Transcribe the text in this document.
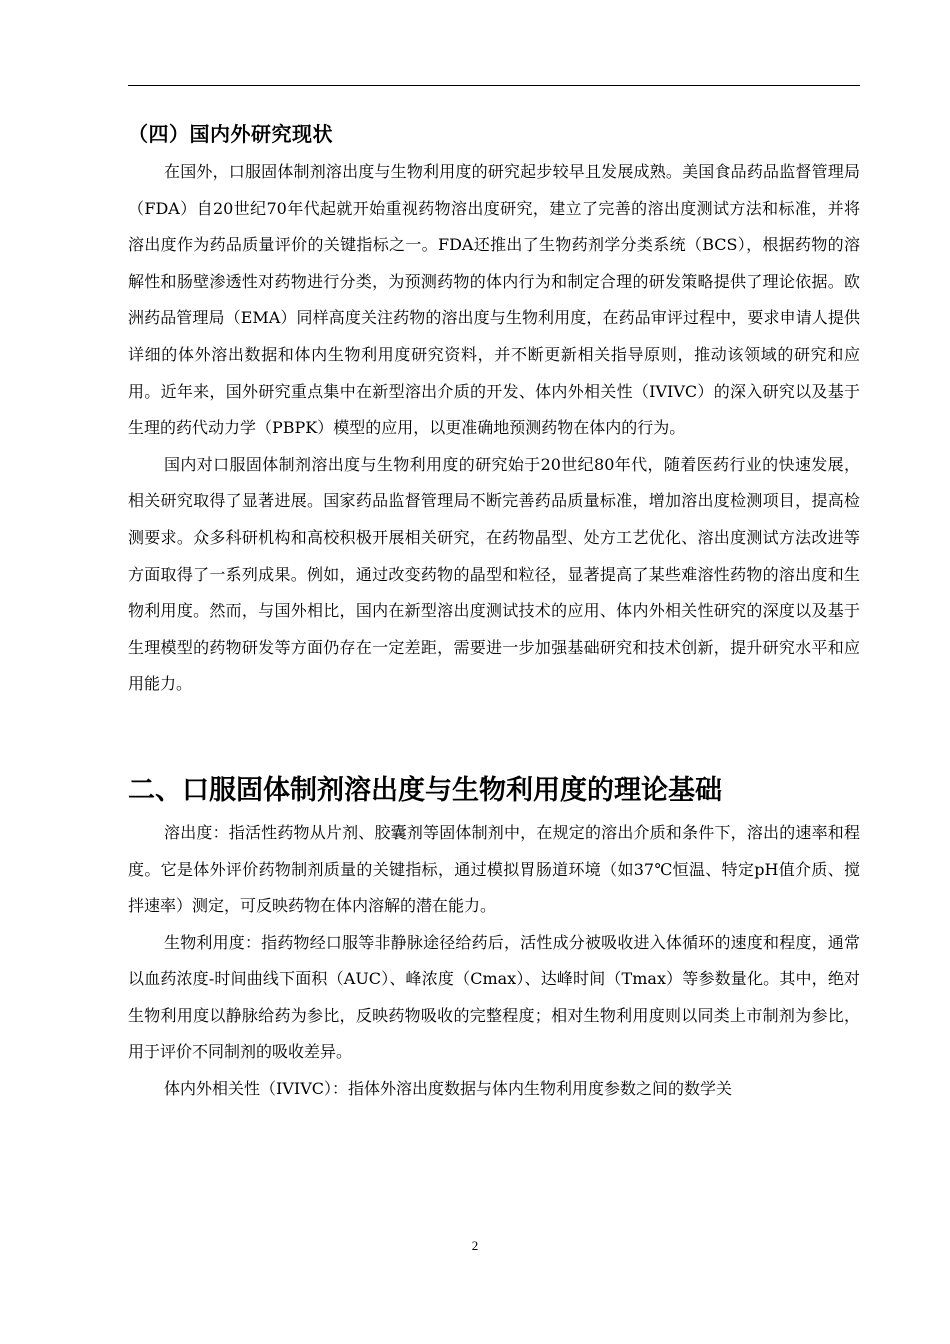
（四）国内外研究现状

在国外，口服固体制剂溶出度与生物利用度的研究起步较早且发展成熟。美国食品药品监督管理局（FDA）自20世纪70年代起就开始重视药物溶出度研究，建立了完善的溶出度测试方法和标准，并将溶出度作为药品质量评价的关键指标之一。FDA还推出了生物药剂学分类系统（BCS），根据药物的溶解性和肠壁渗透性对药物进行分类，为预测药物的体内行为和制定合理的研发策略提供了理论依据。欧洲药品管理局（EMA）同样高度关注药物的溶出度与生物利用度，在药品审评过程中，要求申请人提供详细的体外溶出数据和体内生物利用度研究资料，并不断更新相关指导原则，推动该领域的研究和应用。近年来，国外研究重点集中在新型溶出介质的开发、体内外相关性（IVIVC）的深入研究以及基于生理的药代动力学（PBPK）模型的应用，以更准确地预测药物在体内的行为。

国内对口服固体制剂溶出度与生物利用度的研究始于20世纪80年代，随着医药行业的快速发展，相关研究取得了显著进展。国家药品监督管理局不断完善药品质量标准，增加溶出度检测项目，提高检测要求。众多科研机构和高校积极开展相关研究，在药物晶型、处方工艺优化、溶出度测试方法改进等方面取得了一系列成果。例如，通过改变药物的晶型和粒径，显著提高了某些难溶性药物的溶出度和生物利用度。然而，与国外相比，国内在新型溶出度测试技术的应用、体内外相关性研究的深度以及基于生理模型的药物研发等方面仍存在一定差距，需要进一步加强基础研究和技术创新，提升研究水平和应用能力。

二、口服固体制剂溶出度与生物利用度的理论基础

溶出度：指活性药物从片剂、胶囊剂等固体制剂中，在规定的溶出介质和条件下，溶出的速率和程度。它是体外评价药物制剂质量的关键指标，通过模拟胃肠道环境（如37℃恒温、特定pH值介质、搅拌速率）测定，可反映药物在体内溶解的潜在能力。

生物利用度：指药物经口服等非静脉途径给药后，活性成分被吸收进入体循环的速度和程度，通常以血药浓度-时间曲线下面积（AUC）、峰浓度（Cmax）、达峰时间（Tmax）等参数量化。其中，绝对生物利用度以静脉给药为参比，反映药物吸收的完整程度；相对生物利用度则以同类上市制剂为参比，用于评价不同制剂的吸收差异。

体内外相关性（IVIVC）：指体外溶出度数据与体内生物利用度参数之间的数学关

2
